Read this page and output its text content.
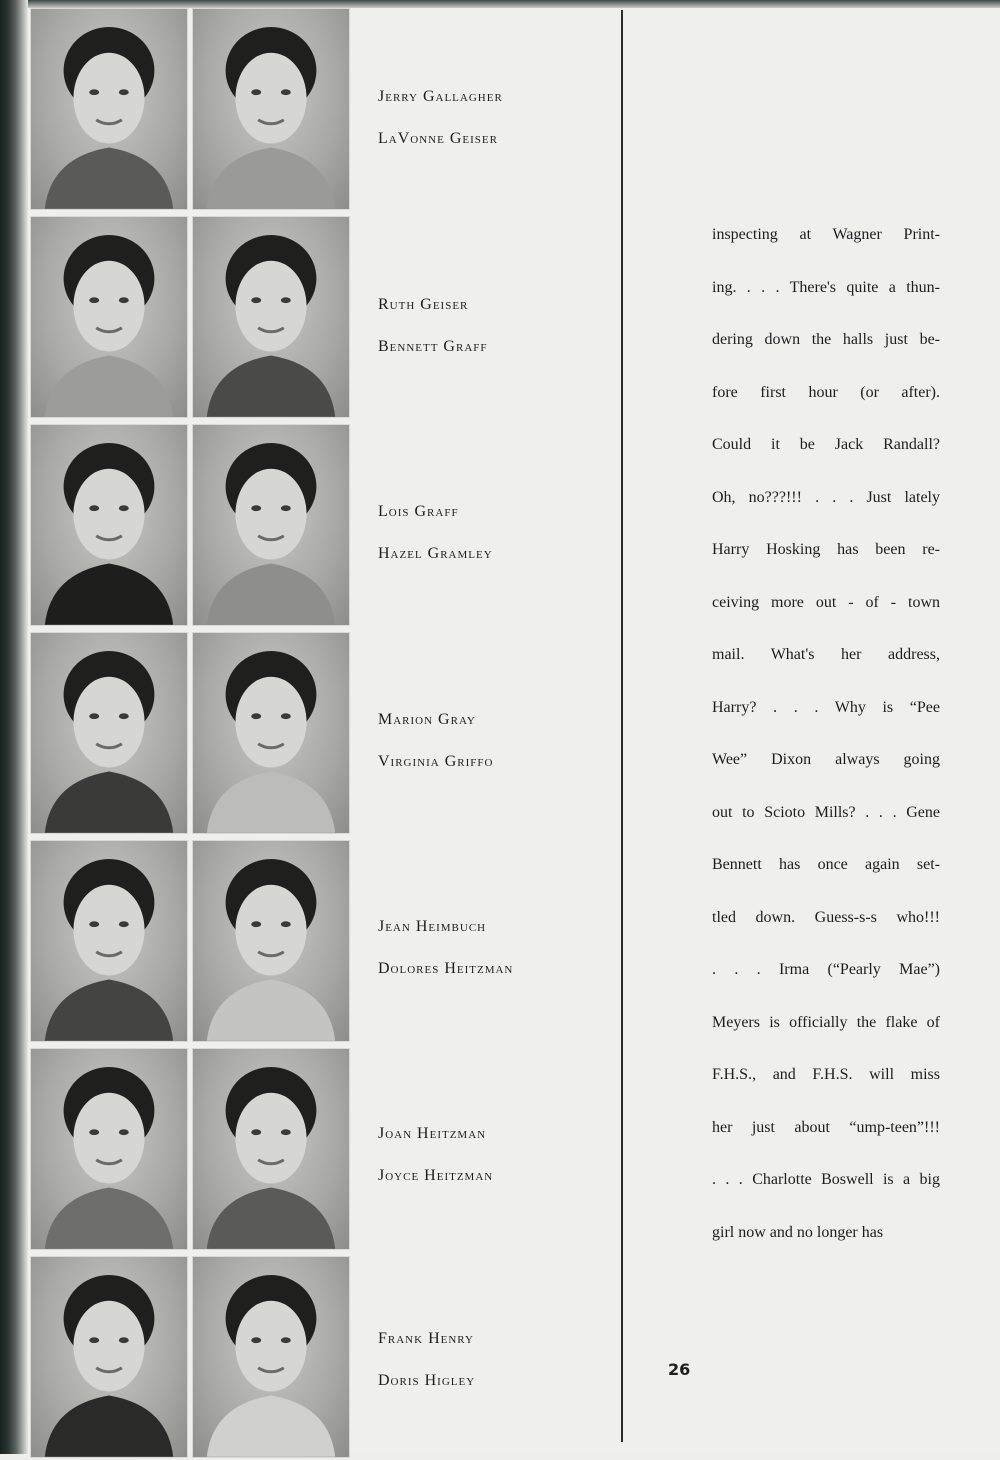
Jerry Gallagher
LaVonne Geiser
Ruth Geiser
Bennett Graff
Lois Graff
Hazel Gramley
Marion Gray
Virginia Griffo
Jean Heimbuch
Dolores Heitzman
Joan Heitzman
Joyce Heitzman
Frank Henry
Doris Higley
inspecting at Wagner Print-
ing. . . . There's quite a thun-
dering down the halls just be-
fore first hour (or after).
Could it be Jack Randall?
Oh, no???!!! . . . Just lately
Harry Hosking has been re-
ceiving more out - of - town
mail. What's her address,
Harry? . . . Why is “Pee
Wee” Dixon always going
out to Scioto Mills? . . . Gene
Bennett has once again set-
tled down. Guess-s-s who!!!
. . . Irma (“Pearly Mae”)
Meyers is officially the flake of
F.H.S., and F.H.S. will miss
her just about “ump-teen”!!!
. . . Charlotte Boswell is a big
girl now and no longer has
26
